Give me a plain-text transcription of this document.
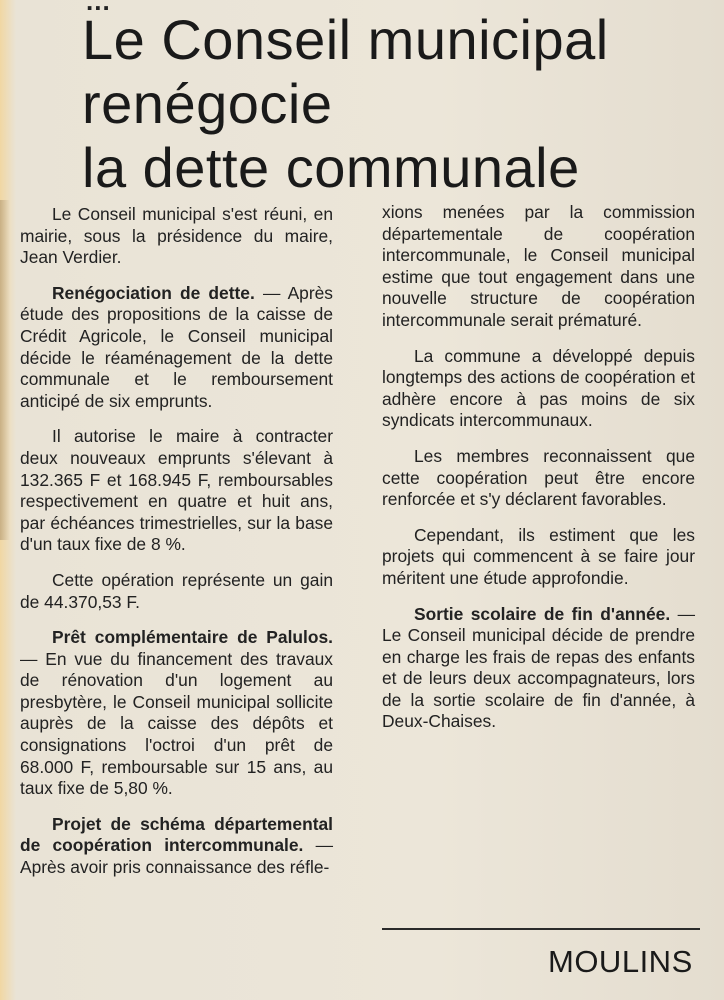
...
Le Conseil municipal
renégocie
la dette communale

Le Conseil municipal s'est réuni, en mairie, sous la présidence du maire, Jean Verdier.

Renégociation de dette. — Après étude des propositions de la caisse de Crédit Agricole, le Conseil municipal décide le réaménagement de la dette communale et le remboursement anticipé de six emprunts.

Il autorise le maire à contracter deux nouveaux emprunts s'élevant à 132.365 F et 168.945 F, remboursables respectivement en quatre et huit ans, par échéances trimestrielles, sur la base d'un taux fixe de 8 %.

Cette opération représente un gain de 44.370,53 F.

Prêt complémentaire de Palulos. — En vue du financement des travaux de rénovation d'un logement au presbytère, le Conseil municipal sollicite auprès de la caisse des dépôts et consignations l'octroi d'un prêt de 68.000 F, remboursable sur 15 ans, au taux fixe de 5,80 %.

Projet de schéma départemental de coopération intercommunale. — Après avoir pris connaissance des réfle-

xions menées par la commission départementale de coopération intercommunale, le Conseil municipal estime que tout engagement dans une nouvelle structure de coopération intercommunale serait prématuré.

La commune a développé depuis longtemps des actions de coopération et adhère encore à pas moins de six syndicats intercommunaux.

Les membres reconnaissent que cette coopération peut être encore renforcée et s'y déclarent favorables.

Cependant, ils estiment que les projets qui commencent à se faire jour méritent une étude approfondie.

Sortie scolaire de fin d'année. — Le Conseil municipal décide de prendre en charge les frais de repas des enfants et de leurs deux accompagnateurs, lors de la sortie scolaire de fin d'année, à Deux-Chaises.

MOULINS
